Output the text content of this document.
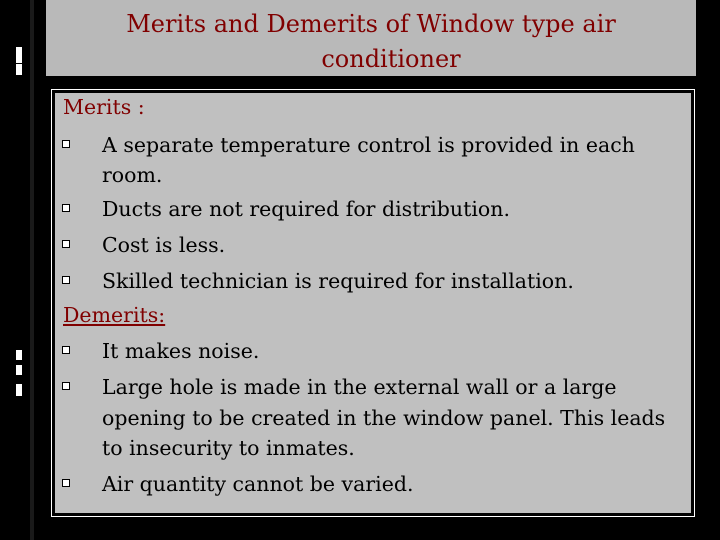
Merits and Demerits of Window type air
conditioner
Merits :
A separate temperature control is provided in each
room.
Ducts are not required for distribution.
Cost is less.
Skilled technician is required for installation.
Demerits:
It makes noise.
Large hole is made in the external wall or a large
opening to be created in the window panel. This leads
to insecurity to inmates.
Air quantity cannot be varied.
